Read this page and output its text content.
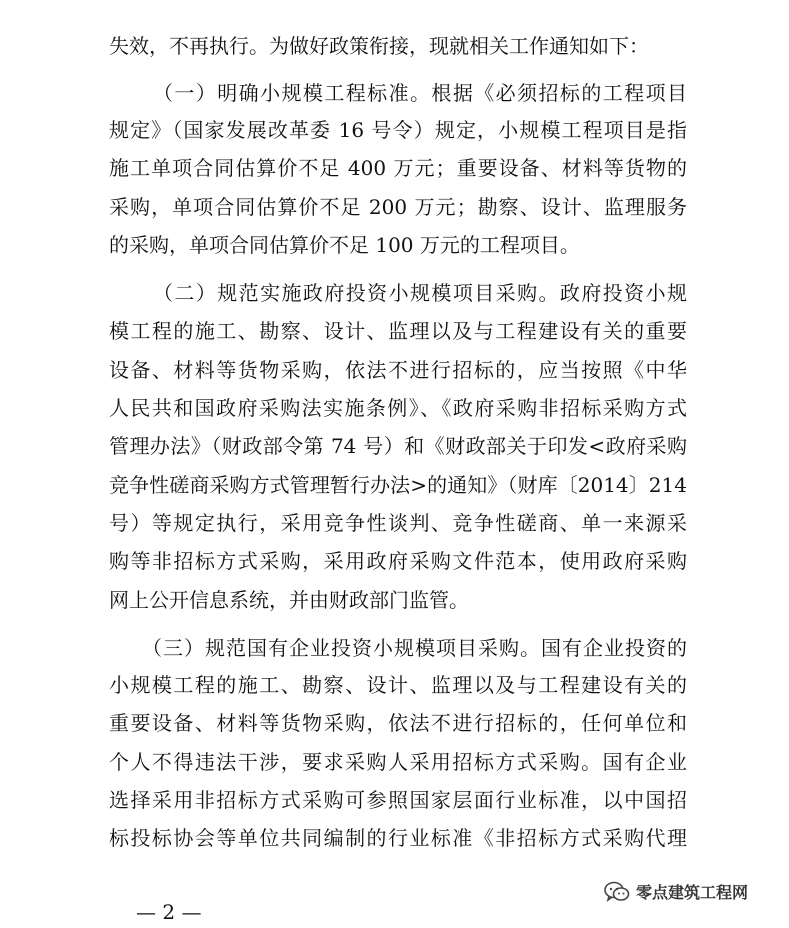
失效，不再执行。为做好政策衔接，现就相关工作通知如下：
（一）明确小规模工程标准。根据《必须招标的工程项目
规定》（国家发展改革委 16 号令）规定，小规模工程项目是指
施工单项合同估算价不足 400 万元；重要设备、材料等货物的
采购，单项合同估算价不足 200 万元；勘察、设计、监理服务
的采购，单项合同估算价不足 100 万元的工程项目。
（二）规范实施政府投资小规模项目采购。政府投资小规
模工程的施工、勘察、设计、监理以及与工程建设有关的重要
设备、材料等货物采购，依法不进行招标的，应当按照《中华
人民共和国政府采购法实施条例》、《政府采购非招标采购方式
管理办法》（财政部令第 74 号）和《财政部关于印发<政府采购
竞争性磋商采购方式管理暂行办法>的通知》（财库〔2014〕214
号）等规定执行，采用竞争性谈判、竞争性磋商、单一来源采
购等非招标方式采购，采用政府采购文件范本，使用政府采购
网上公开信息系统，并由财政部门监管。
（三）规范国有企业投资小规模项目采购。国有企业投资的
小规模工程的施工、勘察、设计、监理以及与工程建设有关的
重要设备、材料等货物采购，依法不进行招标的，任何单位和
个人不得违法干涉，要求采购人采用招标方式采购。国有企业
选择采用非招标方式采购可参照国家层面行业标准，以中国招
标投标协会等单位共同编制的行业标准《非招标方式采购代理
— 2 —
零点建筑工程网
